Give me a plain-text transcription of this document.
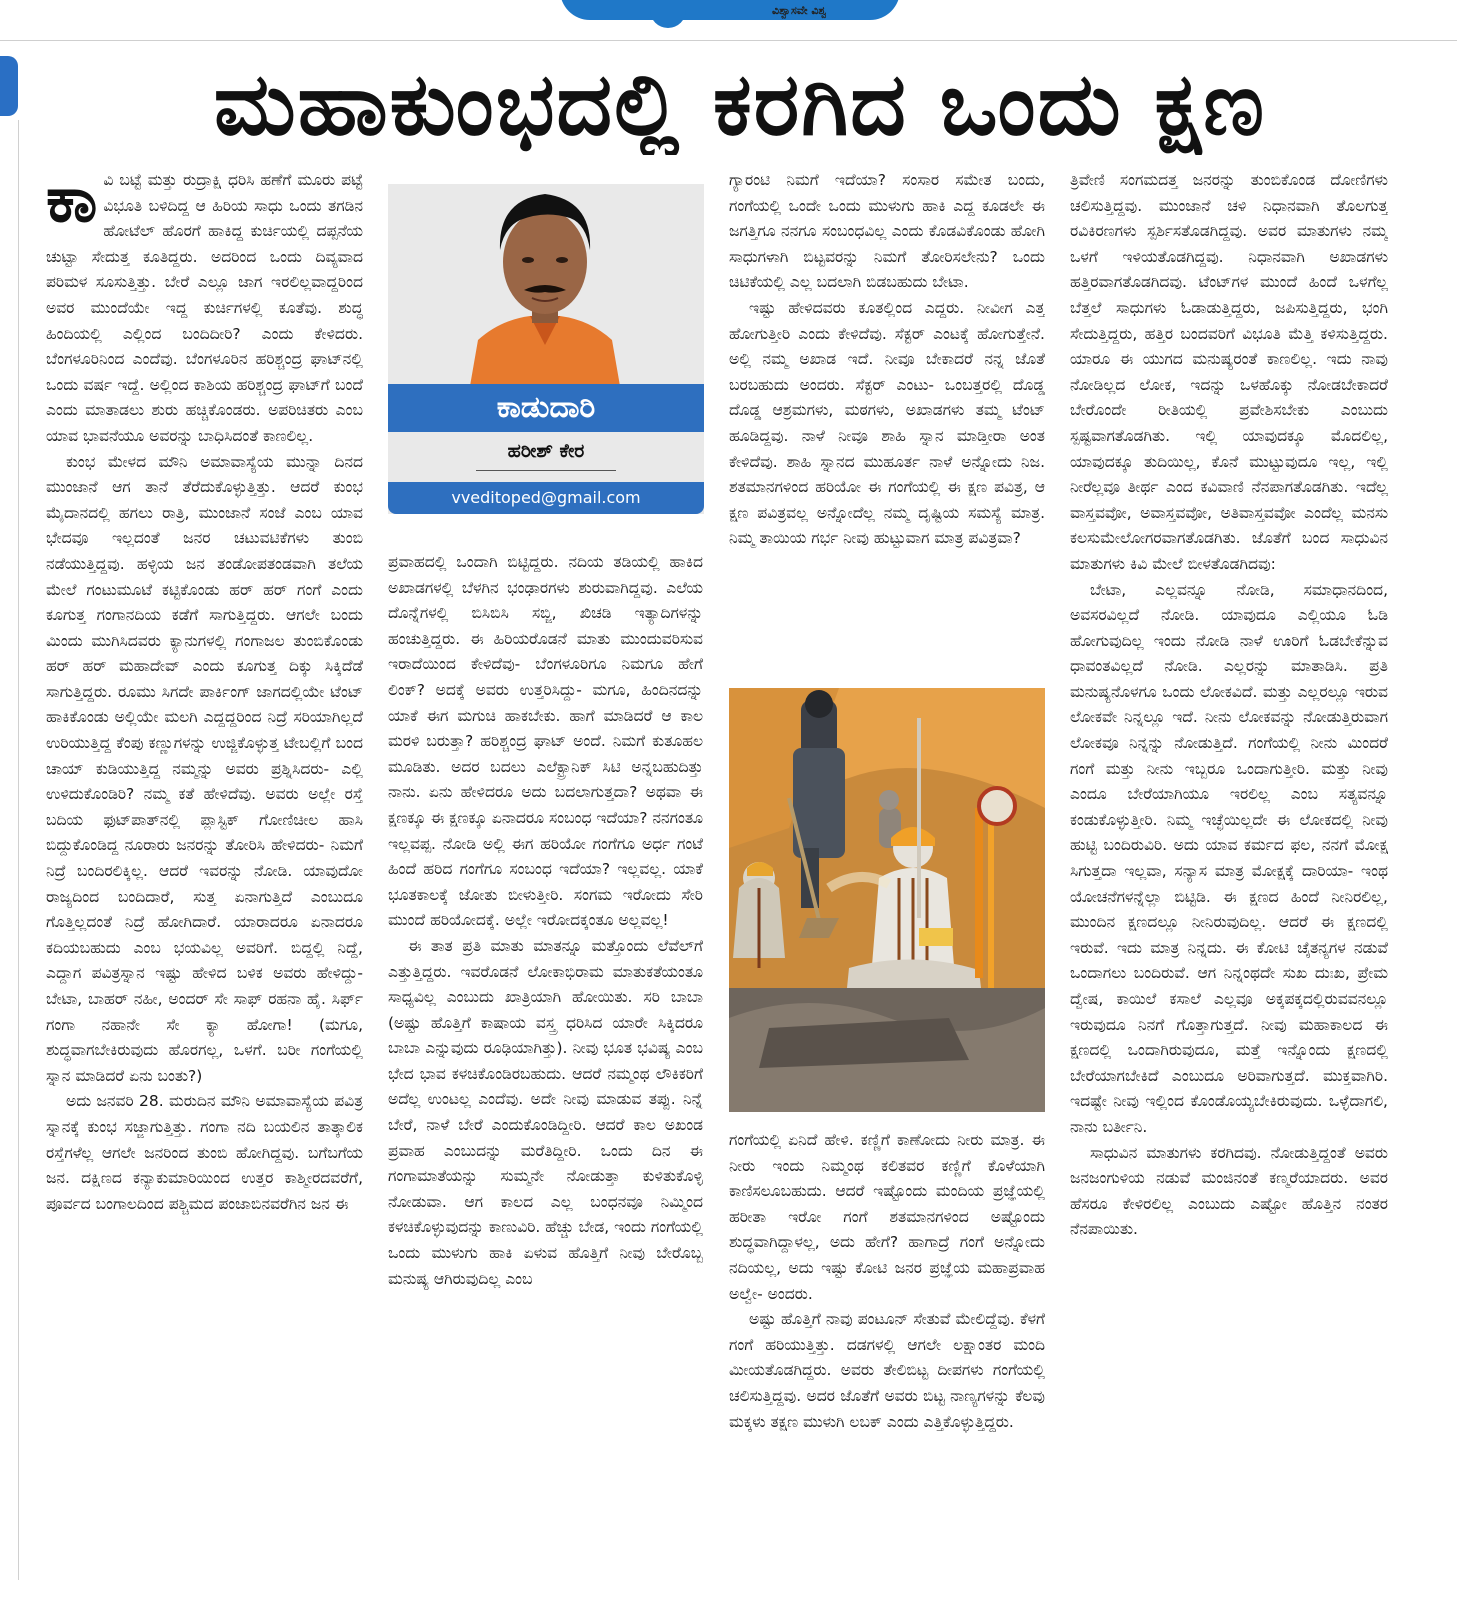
ವಿಶ್ವಾಸವೇ ವಿಶ್ವ
ಮಹಾಕುಂಭದಲ್ಲಿ ಕರಗಿದ ಒಂದು ಕ್ಷಣ
ಕಾ ವಿ ಬಟ್ಟೆ ಮತ್ತು ರುದ್ರಾಕ್ಷಿ ಧರಿಸಿ ಹಣೆಗೆ ಮೂರು ಪಟ್ಟೆ ವಿಭೂತಿ ಬಳಿದಿದ್ದ ಆ ಹಿರಿಯ ಸಾಧು ಒಂದು ತಗಡಿನ ಹೋಟೆಲ್ ಹೊರಗೆ ಹಾಕಿದ್ದ ಕುರ್ಚಿಯಲ್ಲಿ ದಪ್ಪನೆಯ ಚುಟ್ಟಾ ಸೇದುತ್ತ ಕೂತಿದ್ದರು. ಅದರಿಂದ ಒಂದು ದಿವ್ಯವಾದ ಪರಿಮಳ ಸೂಸುತ್ತಿತ್ತು. ಬೇರೆ ಎಲ್ಲೂ ಜಾಗ ಇರಲಿಲ್ಲವಾದ್ದರಿಂದ ಅವರ ಮುಂದೆಯೇ ಇದ್ದ ಕುರ್ಚಿಗಳಲ್ಲಿ ಕೂತೆವು. ಶುದ್ಧ ಹಿಂದಿಯಲ್ಲಿ ಎಲ್ಲಿಂದ ಬಂದಿದೀರಿ? ಎಂದು ಕೇಳಿದರು. ಬೆಂಗಳೂರಿನಿಂದ ಎಂದೆವು. ಬೆಂಗಳೂರಿನ ಹರಿಶ್ಚಂದ್ರ ಘಾಟ್‌ನಲ್ಲಿ ಒಂದು ವರ್ಷ ಇದ್ದೆ. ಅಲ್ಲಿಂದ ಕಾಶಿಯ ಹರಿಶ್ಚಂದ್ರ ಘಾಟ್‌ಗೆ ಬಂದೆ ಎಂದು ಮಾತಾಡಲು ಶುರು ಹಚ್ಚಿಕೊಂಡರು. ಅಪರಿಚಿತರು ಎಂಬ ಯಾವ ಭಾವನೆಯೂ ಅವರನ್ನು ಬಾಧಿಸಿದಂತೆ ಕಾಣಲಿಲ್ಲ.

ಕುಂಭ ಮೇಳದ ಮೌನಿ ಅಮಾವಾಸ್ಯೆಯ ಮುನ್ನಾ ದಿನದ ಮುಂಜಾನೆ ಆಗ ತಾನೆ ತೆರೆದುಕೊಳ್ಳುತ್ತಿತ್ತು. ಆದರೆ ಕುಂಭ ಮೈದಾನದಲ್ಲಿ ಹಗಲು ರಾತ್ರಿ, ಮುಂಜಾನೆ ಸಂಜೆ ಎಂಬ ಯಾವ ಭೇದವೂ ಇಲ್ಲದಂತೆ ಜನರ ಚಟುವಟಿಕೆಗಳು ತುಂಬಿ ನಡೆಯುತ್ತಿದ್ದವು. ಹಳ್ಳಿಯ ಜನ ತಂಡೋಪತಂಡವಾಗಿ ತಲೆಯ ಮೇಲೆ ಗಂಟುಮೂಟೆ ಕಟ್ಟಿಕೊಂಡು ಹರ್ ಹರ್ ಗಂಗೆ ಎಂದು ಕೂಗುತ್ತ ಗಂಗಾನದಿಯ ಕಡೆಗೆ ಸಾಗುತ್ತಿದ್ದರು. ಆಗಲೇ ಬಂದು ಮಿಂದು ಮುಗಿಸಿದವರು ಕ್ಯಾನುಗಳಲ್ಲಿ ಗಂಗಾಜಲ ತುಂಬಿಕೊಂಡು ಹರ್ ಹರ್ ಮಹಾದೇವ್ ಎಂದು ಕೂಗುತ್ತ ದಿಕ್ಕು ಸಿಕ್ಕಿದೆಡೆ ಸಾಗುತ್ತಿದ್ದರು. ರೂಮು ಸಿಗದೇ ಪಾರ್ಕಿಂಗ್ ಜಾಗದಲ್ಲಿಯೇ ಟೆಂಟ್ ಹಾಕಿಕೊಂಡು ಅಲ್ಲಿಯೇ ಮಲಗಿ ಎದ್ದದ್ದರಿಂದ ನಿದ್ರೆ ಸರಿಯಾಗಿಲ್ಲದೆ ಉರಿಯುತ್ತಿದ್ದ ಕೆಂಪು ಕಣ್ಣುಗಳನ್ನು ಉಜ್ಜಿಕೊಳ್ಳುತ್ತ ಟೇಬಲ್ಲಿಗೆ ಬಂದ ಚಾಯ್ ಕುಡಿಯುತ್ತಿದ್ದ ನಮ್ಮನ್ನು ಅವರು ಪ್ರಶ್ನಿಸಿದರು- ಎಲ್ಲಿ ಉಳಿದುಕೊಂಡಿರಿ? ನಮ್ಮ ಕತೆ ಹೇಳಿದೆವು. ಅವರು ಅಲ್ಲೇ ರಸ್ತೆ ಬದಿಯ ಫುಟ್‌ಪಾತ್‌ನಲ್ಲಿ ಪ್ಲಾಸ್ಟಿಕ್ ಗೋಣಿಚೀಲ ಹಾಸಿ ಬಿದ್ದುಕೊಂಡಿದ್ದ ನೂರಾರು ಜನರನ್ನು ತೋರಿಸಿ ಹೇಳಿದರು- ನಿಮಗೆ ನಿದ್ರೆ ಬಂದಿರಲಿಕ್ಕಿಲ್ಲ. ಆದರೆ ಇವರನ್ನು ನೋಡಿ. ಯಾವುದೋ ರಾಜ್ಯದಿಂದ ಬಂದಿದಾರೆ, ಸುತ್ತ ಏನಾಗುತ್ತಿದೆ ಎಂಬುದೂ ಗೊತ್ತಿಲ್ಲದಂತೆ ನಿದ್ರೆ ಹೋಗಿದಾರೆ. ಯಾರಾದರೂ ಏನಾದರೂ ಕದಿಯಬಹುದು ಎಂಬ ಭಯವಿಲ್ಲ ಅವರಿಗೆ. ಬಿದ್ದಲ್ಲಿ ನಿದ್ದೆ, ಎದ್ದಾಗ ಪವಿತ್ರಸ್ನಾನ ಇಷ್ಟು ಹೇಳಿದ ಬಳಿಕ ಅವರು ಹೇಳಿದ್ದು- ಬೇಟಾ, ಬಾಹರ್ ನಹೀ, ಅಂದರ್ ಸೇ ಸಾಫ್ ರಹನಾ ಹೈ. ಸಿರ್ಫ್ ಗಂಗಾ ನಹಾನೇ ಸೇ ಕ್ಯಾ ಹೋಗಾ! (ಮಗೂ, ಶುದ್ಧವಾಗಬೇಕಿರುವುದು ಹೊರಗಲ್ಲ, ಒಳಗೆ. ಬರೀ ಗಂಗೆಯಲ್ಲಿ ಸ್ನಾನ ಮಾಡಿದರೆ ಏನು ಬಂತು?)

ಅದು ಜನವರಿ 28. ಮರುದಿನ ಮೌನಿ ಅಮಾವಾಸ್ಯೆಯ ಪವಿತ್ರ ಸ್ನಾನಕ್ಕೆ ಕುಂಭ ಸಜ್ಜಾಗುತ್ತಿತ್ತು. ಗಂಗಾ ನದಿ ಬಯಲಿನ ತಾತ್ಕಾಲಿಕ ರಸ್ತೆಗಳೆಲ್ಲ ಆಗಲೇ ಜನರಿಂದ ತುಂಬಿ ಹೋಗಿದ್ದವು. ಬಗೆಬಗೆಯ ಜನ. ದಕ್ಷಿಣದ ಕನ್ಯಾಕುಮಾರಿಯಿಂದ ಉತ್ತರ ಕಾಶ್ಮೀರದವರೆಗೆ, ಪೂರ್ವದ ಬಂಗಾಲದಿಂದ ಪಶ್ಚಿಮದ ಪಂಜಾಬಿನವರೆಗಿನ ಜನ ಈ

ಕಾಡುದಾರಿ
ಹರೀಶ್ ಕೇರ
vveditoped@gmail.com

ಪ್ರವಾಹದಲ್ಲಿ ಒಂದಾಗಿ ಬಿಟ್ಟಿದ್ದರು. ನದಿಯ ತಡಿಯಲ್ಲಿ ಹಾಕಿದ ಅಖಾಡಗಳಲ್ಲಿ ಬೆಳಗಿನ ಭಂಢಾರಗಳು ಶುರುವಾಗಿದ್ದವು. ಎಲೆಯ ದೊನ್ನೆಗಳಲ್ಲಿ ಬಿಸಿಬಿಸಿ ಸಬ್ಜಿ, ಖಿಚಡಿ ಇತ್ಯಾದಿಗಳನ್ನು ಹಂಚುತ್ತಿದ್ದರು. ಈ ಹಿರಿಯರೊಡನೆ ಮಾತು ಮುಂದುವರಿಸುವ ಇರಾದೆಯಿಂದ ಕೇಳಿದೆವು- ಬೆಂಗಳೂರಿಗೂ ನಿಮಗೂ ಹೇಗೆ ಲಿಂಕ್? ಅದಕ್ಕೆ ಅವರು ಉತ್ತರಿಸಿದ್ದು- ಮಗೂ, ಹಿಂದಿನದನ್ನು ಯಾಕೆ ಈಗ ಮಗುಚಿ ಹಾಕಬೇಕು. ಹಾಗೆ ಮಾಡಿದರೆ ಆ ಕಾಲ ಮರಳಿ ಬರುತ್ತಾ? ಹರಿಶ್ಚಂದ್ರ ಘಾಟ್ ಅಂದೆ. ನಿಮಗೆ ಕುತೂಹಲ ಮೂಡಿತು. ಅದರ ಬದಲು ಎಲೆಕ್ಟ್ರಾನಿಕ್ ಸಿಟಿ ಅನ್ನಬಹುದಿತ್ತು ನಾನು. ಏನು ಹೇಳಿದರೂ ಅದು ಬದಲಾಗುತ್ತದಾ? ಅಥವಾ ಈ ಕ್ಷಣಕ್ಕೂ ಈ ಕ್ಷಣಕ್ಕೂ ಏನಾದರೂ ಸಂಬಂಧ ಇದೆಯಾ? ನನಗಂತೂ ಇಲ್ಲವಪ್ಪ. ನೋಡಿ ಅಲ್ಲಿ ಈಗ ಹರಿಯೋ ಗಂಗೆಗೂ ಅರ್ಧ ಗಂಟೆ ಹಿಂದೆ ಹರಿದ ಗಂಗೆಗೂ ಸಂಬಂಧ ಇದೆಯಾ? ಇಲ್ಲವಲ್ಲ. ಯಾಕೆ ಭೂತಕಾಲಕ್ಕೆ ಜೋತು ಬೀಳುತ್ತೀರಿ. ಸಂಗಮ ಇರೋದು ಸೇರಿ ಮುಂದೆ ಹರಿಯೋದಕ್ಕೆ. ಅಲ್ಲೇ ಇರೋದಕ್ಕಂತೂ ಅಲ್ಲವಲ್ಲ!

ಈ ತಾತ ಪ್ರತಿ ಮಾತು ಮಾತನ್ನೂ ಮತ್ತೊಂದು ಲೆವೆಲ್‌ಗೆ ಎತ್ತುತ್ತಿದ್ದರು. ಇವರೊಡನೆ ಲೋಕಾಭಿರಾಮ ಮಾತುಕತೆಯಂತೂ ಸಾಧ್ಯವಿಲ್ಲ ಎಂಬುದು ಖಾತ್ರಿಯಾಗಿ ಹೋಯಿತು. ಸರಿ ಬಾಬಾ (ಅಷ್ಟು ಹೊತ್ತಿಗೆ ಕಾಷಾಯ ವಸ್ತ್ರ ಧರಿಸಿದ ಯಾರೇ ಸಿಕ್ಕಿದರೂ ಬಾಬಾ ಎನ್ನುವುದು ರೂಢಿಯಾಗಿತ್ತು). ನೀವು ಭೂತ ಭವಿಷ್ಯ ಎಂಬ ಭೇದ ಭಾವ ಕಳಚಿಕೊಂಡಿರಬಹುದು. ಆದರೆ ನಮ್ಮಂಥ ಲೌಕಿಕರಿಗೆ ಅದೆಲ್ಲ ಉಂಟಲ್ಲ ಎಂದೆವು. ಅದೇ ನೀವು ಮಾಡುವ ತಪ್ಪು. ನಿನ್ನೆ ಬೇರೆ, ನಾಳೆ ಬೇರೆ ಎಂದುಕೊಂಡಿದ್ದೀರಿ. ಆದರೆ ಕಾಲ ಅಖಂಡ ಪ್ರವಾಹ ಎಂಬುದನ್ನು ಮರೆತಿದ್ದೀರಿ. ಒಂದು ದಿನ ಈ ಗಂಗಾಮಾತೆಯನ್ನು ಸುಮ್ಮನೇ ನೋಡುತ್ತಾ ಕುಳಿತುಕೊಳ್ಳಿ ನೋಡುವಾ. ಆಗ ಕಾಲದ ಎಲ್ಲ ಬಂಧನವೂ ನಿಮ್ಮಿಂದ ಕಳಚಿಕೊಳ್ಳುವುದನ್ನು ಕಾಣುವಿರಿ. ಹೆಚ್ಚು ಬೇಡ, ಇಂದು ಗಂಗೆಯಲ್ಲಿ ಒಂದು ಮುಳುಗು ಹಾಕಿ ಏಳುವ ಹೊತ್ತಿಗೆ ನೀವು ಬೇರೊಬ್ಬ ಮನುಷ್ಯ ಆಗಿರುವುದಿಲ್ಲ ಎಂಬ

ಗ್ಯಾರಂಟಿ ನಿಮಗೆ ಇದೆಯಾ? ಸಂಸಾರ ಸಮೇತ ಬಂದು, ಗಂಗೆಯಲ್ಲಿ ಒಂದೇ ಒಂದು ಮುಳುಗು ಹಾಕಿ ಎದ್ದ ಕೂಡಲೇ ಈ ಜಗತ್ತಿಗೂ ನನಗೂ ಸಂಬಂಧವಿಲ್ಲ ಎಂದು ಕೊಡವಿಕೊಂಡು ಹೋಗಿ ಸಾಧುಗಳಾಗಿ ಬಿಟ್ಟವರನ್ನು ನಿಮಗೆ ತೋರಿಸಲೇನು? ಒಂದು ಚಿಟಿಕೆಯಲ್ಲಿ ಎಲ್ಲ ಬದಲಾಗಿ ಬಿಡಬಹುದು ಬೇಟಾ.

ಇಷ್ಟು ಹೇಳಿದವರು ಕೂತಲ್ಲಿಂದ ಎದ್ದರು. ನೀವೀಗ ಎತ್ತ ಹೋಗುತ್ತೀರಿ ಎಂದು ಕೇಳಿದೆವು. ಸೆಕ್ಟರ್ ಎಂಟಕ್ಕೆ ಹೋಗುತ್ತೇನೆ. ಅಲ್ಲಿ ನಮ್ಮ ಅಖಾಡ ಇದೆ. ನೀವೂ ಬೇಕಾದರೆ ನನ್ನ ಜೊತೆ ಬರಬಹುದು ಅಂದರು. ಸೆಕ್ಟರ್ ಎಂಟು- ಒಂಬತ್ತರಲ್ಲಿ ದೊಡ್ಡ ದೊಡ್ಡ ಆಶ್ರಮಗಳು, ಮಠಗಳು, ಅಖಾಡಗಳು ತಮ್ಮ ಟೆಂಟ್ ಹೂಡಿದ್ದವು. ನಾಳೆ ನೀವೂ ಶಾಹಿ ಸ್ನಾನ ಮಾಡ್ತೀರಾ ಅಂತ ಕೇಳಿದೆವು. ಶಾಹಿ ಸ್ನಾನದ ಮುಹೂರ್ತ ನಾಳೆ ಅನ್ನೋದು ನಿಜ. ಶತಮಾನಗಳಿಂದ ಹರಿಯೋ ಈ ಗಂಗೆಯಲ್ಲಿ ಈ ಕ್ಷಣ ಪವಿತ್ರ, ಆ ಕ್ಷಣ ಪವಿತ್ರವಲ್ಲ ಅನ್ನೋದೆಲ್ಲ ನಮ್ಮ ದೃಷ್ಟಿಯ ಸಮಸ್ಯೆ ಮಾತ್ರ. ನಿಮ್ಮ ತಾಯಿಯ ಗರ್ಭ ನೀವು ಹುಟ್ಟುವಾಗ ಮಾತ್ರ ಪವಿತ್ರವಾ?

ಗಂಗೆಯಲ್ಲಿ ಏನಿದೆ ಹೇಳಿ. ಕಣ್ಣಿಗೆ ಕಾಣೋದು ನೀರು ಮಾತ್ರ. ಈ ನೀರು ಇಂದು ನಿಮ್ಮಂಥ ಕಲಿತವರ ಕಣ್ಣಿಗೆ ಕೊಳೆಯಾಗಿ ಕಾಣಿಸಲೂಬಹುದು. ಆದರೆ ಇಷ್ಟೊಂದು ಮಂದಿಯ ಪ್ರಜ್ಞೆಯಲ್ಲಿ ಹರೀತಾ ಇರೋ ಗಂಗೆ ಶತಮಾನಗಳಿಂದ ಅಷ್ಟೊಂದು ಶುದ್ಧವಾಗಿದ್ದಾಳಲ್ಲ, ಅದು ಹೇಗೆ? ಹಾಗಾದ್ರೆ ಗಂಗೆ ಅನ್ನೋದು ನದಿಯಲ್ಲ, ಅದು ಇಷ್ಟು ಕೋಟಿ ಜನರ ಪ್ರಜ್ಞೆಯ ಮಹಾಪ್ರವಾಹ ಅಲ್ವೇ- ಅಂದರು.

ಅಷ್ಟು ಹೊತ್ತಿಗೆ ನಾವು ಪಂಟೂನ್ ಸೇತುವೆ ಮೇಲಿದ್ದೆವು. ಕೆಳಗೆ ಗಂಗೆ ಹರಿಯುತ್ತಿತ್ತು. ದಡಗಳಲ್ಲಿ ಆಗಲೇ ಲಕ್ಷಾಂತರ ಮಂದಿ ಮೀಯತೊಡಗಿದ್ದರು. ಅವರು ತೇಲಿಬಿಟ್ಟ ದೀಪಗಳು ಗಂಗೆಯಲ್ಲಿ ಚಲಿಸುತ್ತಿದ್ದವು. ಅದರ ಜೊತೆಗೆ ಅವರು ಬಿಟ್ಟ ನಾಣ್ಯಗಳನ್ನು ಕೆಲವು ಮಕ್ಕಳು ತಕ್ಷಣ ಮುಳುಗಿ ಲಬಕ್ ಎಂದು ಎತ್ತಿಕೊಳ್ಳುತ್ತಿದ್ದರು.

ತ್ರಿವೇಣಿ ಸಂಗಮದತ್ತ ಜನರನ್ನು ತುಂಬಿಕೊಂಡ ದೋಣಿಗಳು ಚಲಿಸುತ್ತಿದ್ದವು. ಮುಂಜಾನೆ ಚಳಿ ನಿಧಾನವಾಗಿ ತೊಲಗುತ್ತ ರವಿಕಿರಣಗಳು ಸ್ಪರ್ಶಿಸತೊಡಗಿದ್ದವು. ಅವರ ಮಾತುಗಳು ನಮ್ಮ ಒಳಗೆ ಇಳಿಯತೊಡಗಿದ್ದವು. ನಿಧಾನವಾಗಿ ಅಖಾಡಗಳು ಹತ್ತಿರವಾಗತೊಡಗಿದವು. ಟೆಂಟ್‌ಗಳ ಮುಂದೆ ಹಿಂದೆ ಒಳಗೆಲ್ಲ ಬೆತ್ತಲೆ ಸಾಧುಗಳು ಓಡಾಡುತ್ತಿದ್ದರು, ಜಪಿಸುತ್ತಿದ್ದರು, ಭಂಗಿ ಸೇದುತ್ತಿದ್ದರು, ಹತ್ತಿರ ಬಂದವರಿಗೆ ವಿಭೂತಿ ಮೆತ್ತಿ ಕಳಿಸುತ್ತಿದ್ದರು. ಯಾರೂ ಈ ಯುಗದ ಮನುಷ್ಯರಂತೆ ಕಾಣಲಿಲ್ಲ. ಇದು ನಾವು ನೋಡಿಲ್ಲದ ಲೋಕ, ಇದನ್ನು ಒಳಹೊಕ್ಕು ನೋಡಬೇಕಾದರೆ ಬೇರೊಂದೇ ರೀತಿಯಲ್ಲಿ ಪ್ರವೇಶಿಸಬೇಕು ಎಂಬುದು ಸ್ಪಷ್ಟವಾಗತೊಡಗಿತು. ಇಲ್ಲಿ ಯಾವುದಕ್ಕೂ ಮೊದಲಿಲ್ಲ, ಯಾವುದಕ್ಕೂ ತುದಿಯಿಲ್ಲ, ಕೊನೆ ಮುಟ್ಟುವುದೂ ಇಲ್ಲ, ಇಲ್ಲಿ ನೀರೆಲ್ಲವೂ ತೀರ್ಥ ಎಂದ ಕವಿವಾಣಿ ನೆನಪಾಗತೊಡಗಿತು. ಇದೆಲ್ಲ ವಾಸ್ತವವೋ, ಅವಾಸ್ತವವೋ, ಅತಿವಾಸ್ತವವೋ ಎಂದೆಲ್ಲ ಮನಸು ಕಲಸುಮೇಲೋಗರವಾಗತೊಡಗಿತು. ಜೊತೆಗೆ ಬಂದ ಸಾಧುವಿನ ಮಾತುಗಳು ಕಿವಿ ಮೇಲೆ ಬೀಳತೊಡಗಿದವು:

ಬೇಟಾ, ಎಲ್ಲವನ್ನೂ ನೋಡಿ, ಸಮಾಧಾನದಿಂದ, ಅವಸರವಿಲ್ಲದೆ ನೋಡಿ. ಯಾವುದೂ ಎಲ್ಲಿಯೂ ಓಡಿ ಹೋಗುವುದಿಲ್ಲ ಇಂದು ನೋಡಿ ನಾಳೆ ಊರಿಗೆ ಓಡಬೇಕೆನ್ನುವ ಧಾವಂತವಿಲ್ಲದೆ ನೋಡಿ. ಎಲ್ಲರನ್ನು ಮಾತಾಡಿಸಿ. ಪ್ರತಿ ಮನುಷ್ಯನೊಳಗೂ ಒಂದು ಲೋಕವಿದೆ. ಮತ್ತು ಎಲ್ಲರಲ್ಲೂ ಇರುವ ಲೋಕವೇ ನಿನ್ನಲ್ಲೂ ಇದೆ. ನೀನು ಲೋಕವನ್ನು ನೋಡುತ್ತಿರುವಾಗ ಲೋಕವೂ ನಿನ್ನನ್ನು ನೋಡುತ್ತಿದೆ. ಗಂಗೆಯಲ್ಲಿ ನೀನು ಮಿಂದರೆ ಗಂಗೆ ಮತ್ತು ನೀನು ಇಬ್ಬರೂ ಒಂದಾಗುತ್ತೀರಿ. ಮತ್ತು ನೀವು ಎಂದೂ ಬೇರೆಯಾಗಿಯೂ ಇರಲಿಲ್ಲ ಎಂಬ ಸತ್ಯವನ್ನೂ ಕಂಡುಕೊಳ್ಳುತ್ತೀರಿ. ನಿಮ್ಮ ಇಚ್ಛೆಯಿಲ್ಲದೇ ಈ ಲೋಕದಲ್ಲಿ ನೀವು ಹುಟ್ಟಿ ಬಂದಿರುವಿರಿ. ಅದು ಯಾವ ಕರ್ಮದ ಫಲ, ನನಗೆ ಮೋಕ್ಷ ಸಿಗುತ್ತದಾ ಇಲ್ಲವಾ, ಸನ್ಯಾಸ ಮಾತ್ರ ಮೋಕ್ಷಕ್ಕೆ ದಾರಿಯಾ- ಇಂಥ ಯೋಚನೆಗಳನ್ನೆಲ್ಲಾ ಬಿಟ್ಟಿಡಿ. ಈ ಕ್ಷಣದ ಹಿಂದೆ ನೀನಿರಲಿಲ್ಲ, ಮುಂದಿನ ಕ್ಷಣದಲ್ಲೂ ನೀನಿರುವುದಿಲ್ಲ. ಆದರೆ ಈ ಕ್ಷಣದಲ್ಲಿ ಇರುವೆ. ಇದು ಮಾತ್ರ ನಿನ್ನದು. ಈ ಕೋಟಿ ಚೈತನ್ಯಗಳ ನಡುವೆ ಒಂದಾಗಲು ಬಂದಿರುವೆ. ಆಗ ನಿನ್ನಂಥದೇ ಸುಖ ದುಃಖ, ಪ್ರೇಮ ದ್ವೇಷ, ಕಾಯಿಲೆ ಕಸಾಲೆ ಎಲ್ಲವೂ ಅಕ್ಕಪಕ್ಕದಲ್ಲಿರುವವನಲ್ಲೂ ಇರುವುದೂ ನಿನಗೆ ಗೊತ್ತಾಗುತ್ತದೆ. ನೀವು ಮಹಾಕಾಲದ ಈ ಕ್ಷಣದಲ್ಲಿ ಒಂದಾಗಿರುವುದೂ, ಮತ್ತೆ ಇನ್ನೊಂದು ಕ್ಷಣದಲ್ಲಿ ಬೇರೆಯಾಗಬೇಕಿದೆ ಎಂಬುದೂ ಅರಿವಾಗುತ್ತದೆ. ಮುಕ್ತವಾಗಿರಿ. ಇದಷ್ಟೇ ನೀವು ಇಲ್ಲಿಂದ ಕೊಂಡೊಯ್ಯಬೇಕಿರುವುದು. ಒಳ್ಳೆದಾಗಲಿ, ನಾನು ಬರ್ತೀನಿ.

ಸಾಧುವಿನ ಮಾತುಗಳು ಕರಗಿದವು. ನೋಡುತ್ತಿದ್ದಂತೆ ಅವರು ಜನಜಂಗುಳಿಯ ನಡುವೆ ಮಂಜಿನಂತೆ ಕಣ್ಮರೆಯಾದರು. ಅವರ ಹೆಸರೂ ಕೇಳಿರಲಿಲ್ಲ ಎಂಬುದು ಎಷ್ಟೋ ಹೊತ್ತಿನ ನಂತರ ನೆನಪಾಯಿತು.
